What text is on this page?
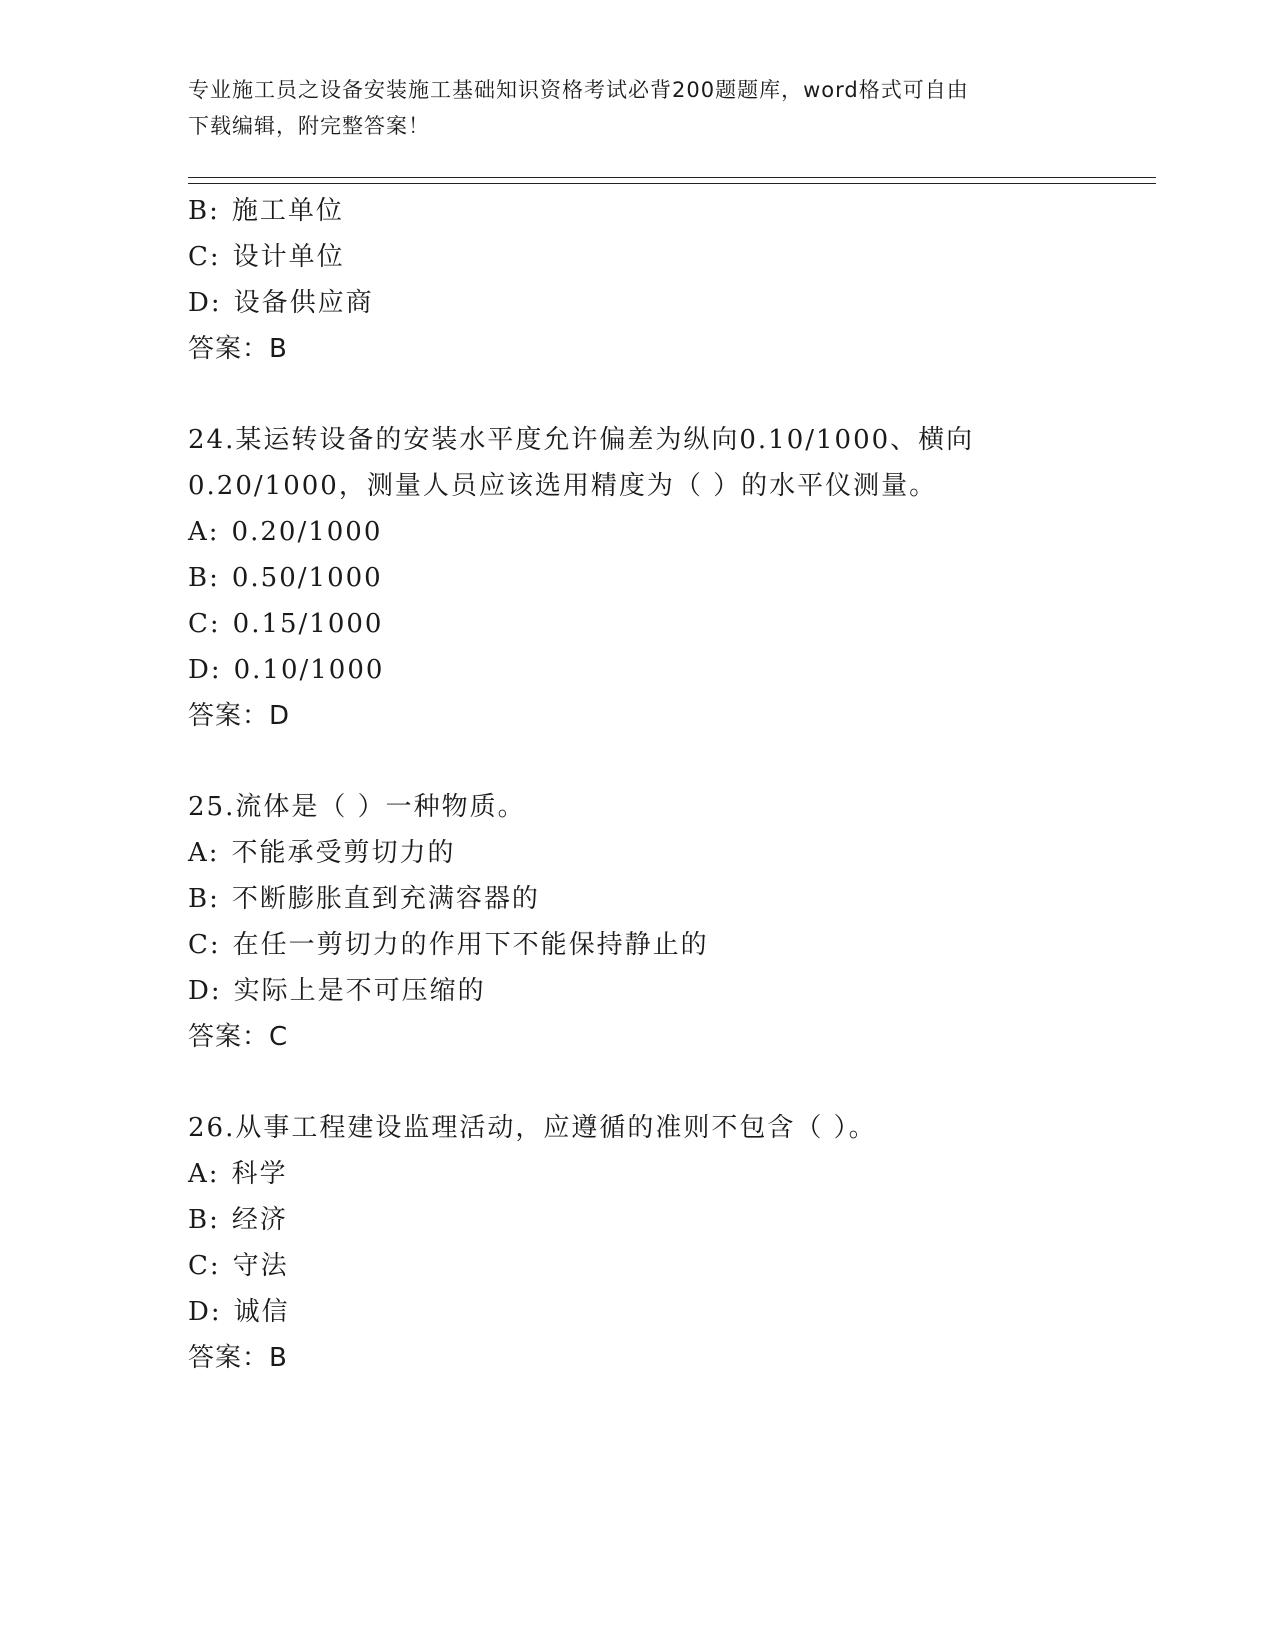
专业施工员之设备安装施工基础知识资格考试必背200题题库，word格式可自由
下载编辑，附完整答案！
B: 施工单位
C: 设计单位
D: 设备供应商
答案：B
24.某运转设备的安装水平度允许偏差为纵向0.10/1000、横向
0.20/1000，测量人员应该选用精度为（ ）的水平仪测量。
A: 0.20/1000
B: 0.50/1000
C: 0.15/1000
D: 0.10/1000
答案：D
25.流体是（ ）一种物质。
A: 不能承受剪切力的
B: 不断膨胀直到充满容器的
C: 在任一剪切力的作用下不能保持静止的
D: 实际上是不可压缩的
答案：C
26.从事工程建设监理活动，应遵循的准则不包含（ ）。
A: 科学
B: 经济
C: 守法
D: 诚信
答案：B
